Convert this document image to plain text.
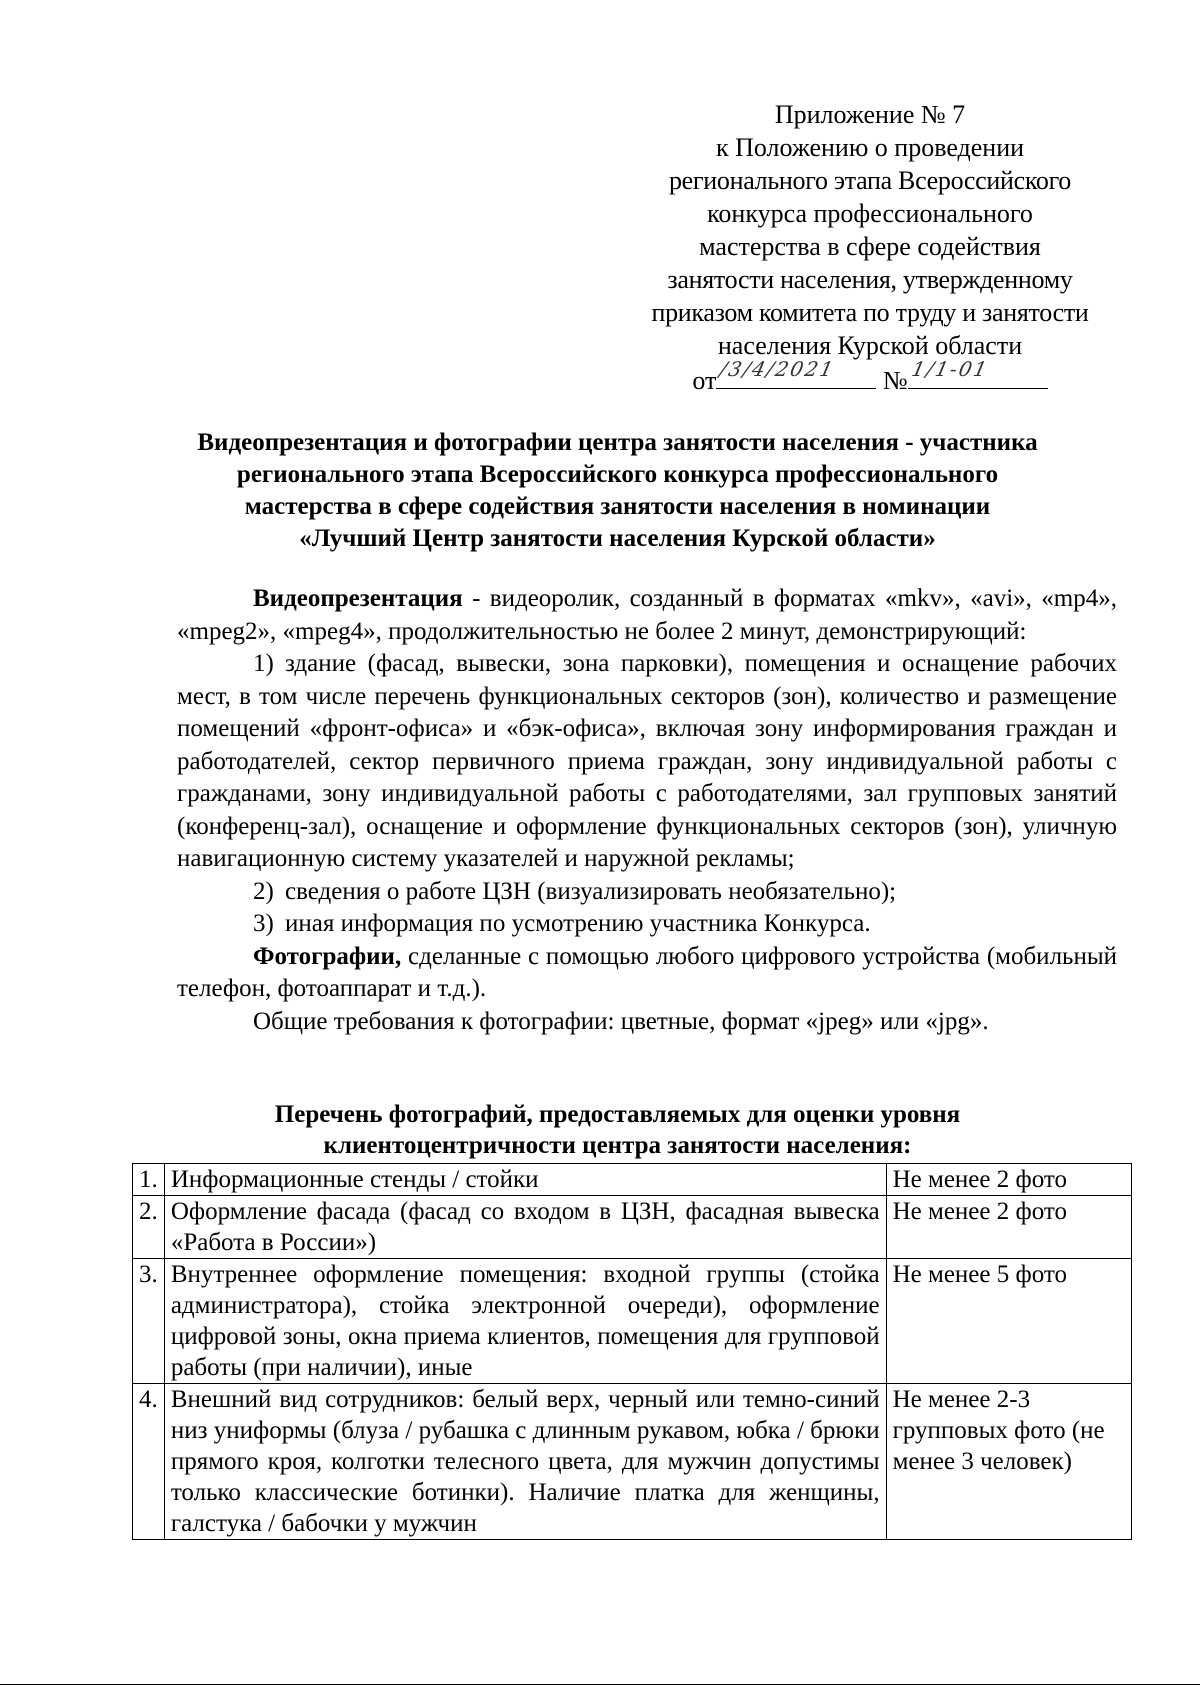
Приложение № 7
к Положению о проведении
регионального этапа Всероссийского
конкурса профессионального
мастерства в сфере содействия
занятости населения, утвержденному
приказом комитета по труду и занятости
населения Курской области
от /3/4/2021 № 1/1-01
Видеопрезентация и фотографии центра занятости населения - участника
регионального этапа Всероссийского конкурса профессионального
мастерства в сфере содействия занятости населения в номинации
«Лучший Центр занятости населения Курской области»

Видеопрезентация - видеоролик, созданный в форматах «mkv», «avi», «mp4», «mpeg2», «mpeg4», продолжительностью не более 2 минут, демонстрирующий:

1) здание (фасад, вывески, зона парковки), помещения и оснащение рабочих мест, в том числе перечень функциональных секторов (зон), количество и размещение помещений «фронт-офиса» и «бэк-офиса», включая зону информирования граждан и работодателей, сектор первичного приема граждан, зону индивидуальной работы с гражданами, зону индивидуальной работы с работодателями, зал групповых занятий (конференц-зал), оснащение и оформление функциональных секторов (зон), уличную навигационную систему указателей и наружной рекламы;

2) сведения о работе ЦЗН (визуализировать необязательно);

3) иная информация по усмотрению участника Конкурса.

Фотографии, сделанные с помощью любого цифрового устройства (мобильный телефон, фотоаппарат и т.д.).

Общие требования к фотографии: цветные, формат «jpeg» или «jpg».

Перечень фотографий, предоставляемых для оценки уровня
клиентоцентричности центра занятости населения:
1.	Информационные стенды / стойки	Не менее 2 фото
2.	Оформление фасада (фасад со входом в ЦЗН, фасадная вывеска «Работа в России»)	Не менее 2 фото
3.	Внутреннее оформление помещения: входной группы (стойка администратора), стойка электронной очереди), оформление цифровой зоны, окна приема клиентов, помещения для групповой работы (при наличии), иные	Не менее 5 фото
4.	Внешний вид сотрудников: белый верх, черный или темно-синий низ униформы (блуза / рубашка с длинным рукавом, юбка / брюки прямого кроя, колготки телесного цвета, для мужчин допустимы только классические ботинки). Наличие платка для женщины, галстука / бабочки у мужчин	Не менее 2-3 групповых фото (не менее 3 человек)
